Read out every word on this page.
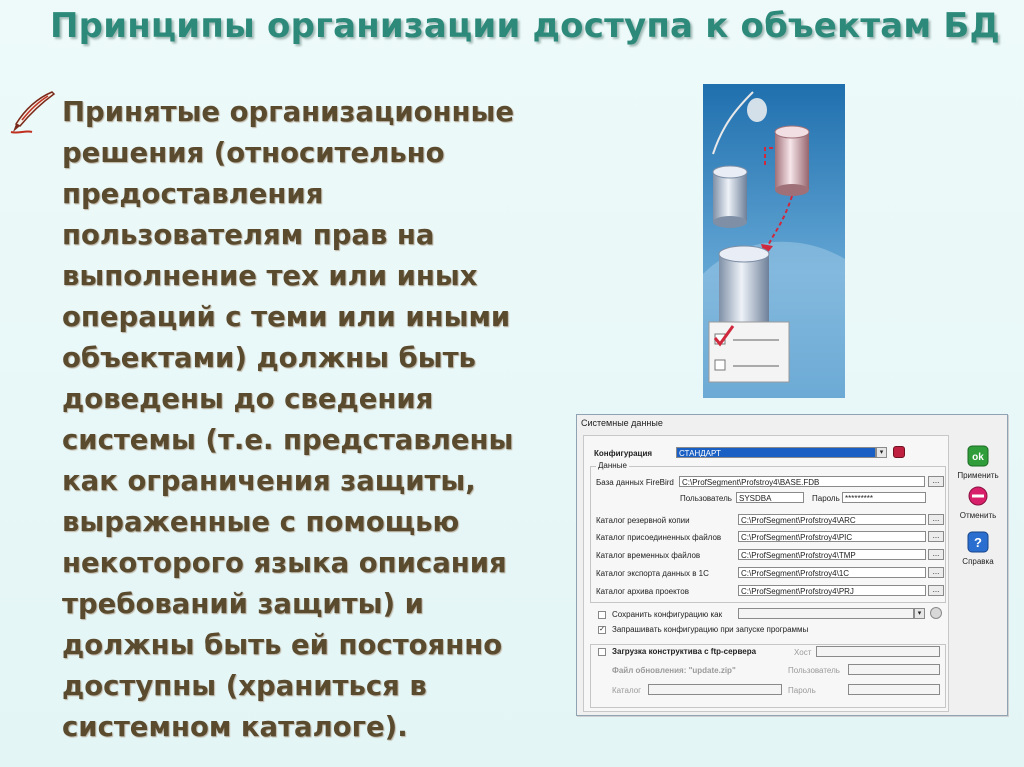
Принципы организации доступа к объектам БД
Принятые организационные
решения (относительно
предоставления
пользователям прав на
выполнение тех или иных
операций с теми или иными
объектами) должны быть
доведены до сведения
системы (т.е. представлены
как ограничения защиты,
выраженные с помощью
некоторого языка описания
требований защиты) и
должны быть ей постоянно
доступны (храниться в
системном каталоге).
Системные данные
Конфигурация	СТАНДАРТ	▾
Данные
База данных FireBird	C:\ProfSegment\Profstroy4\BASE.FDB	...
Пользователь SYSDBA	Пароль *********
Каталог резервной копии	C:\ProfSegment\Profstroy4\ARC	...
Каталог присоединенных файлов	C:\ProfSegment\Profstroy4\PIC	...
Каталог временных файлов	C:\ProfSegment\Profstroy4\TMP	...
Каталог экспорта данных в 1С	C:\ProfSegment\Profstroy4\1C	...
Каталог архива проектов	C:\ProfSegment\Profstroy4\PRJ	...
Сохранить конфигурацию как	▾
✓ Запрашивать конфигурацию при запуске программы
Загрузка конструктива с ftp-сервера	Хост
Файл обновления: "update.zip"	Пользователь
Каталог	Пароль
ok
Применить
Отменить
?
Справка
